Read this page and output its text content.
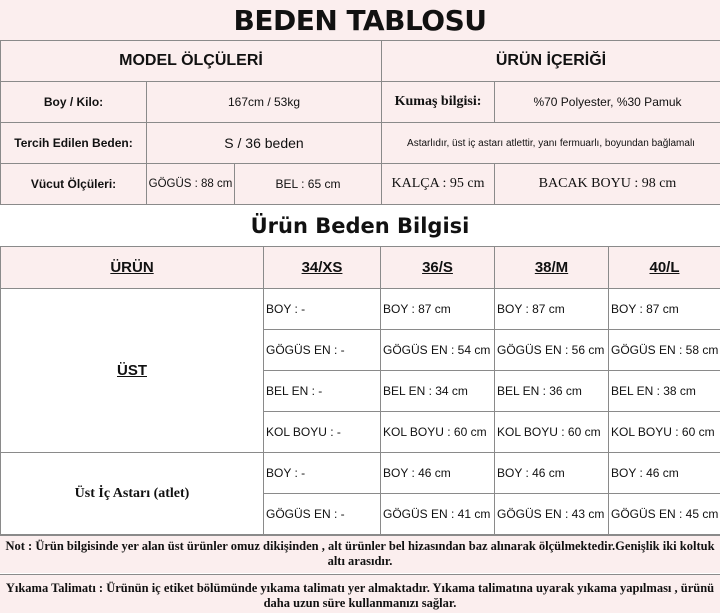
BEDEN TABLOSU
MODEL ÖLÇÜLERİ			ÜRÜN İÇERİĞİ	
Boy / Kilo:	167cm / 53kg		Kumaş bilgisi:	%70 Polyester, %30 Pamuk
Tercih Edilen Beden:	S / 36 beden		Astarlıdır, üst iç astarı atlettir, yanı fermuarlı, boyundan bağlamalı	
Vücut Ölçüleri:	GÖGÜS : 88 cm	BEL : 65 cm	KALÇA : 95 cm	BACAK BOYU : 98 cm
Ürün Beden Bilgisi
ÜRÜN	34/XS	36/S	38/M	40/L
ÜST	BOY : -	BOY : 87 cm	BOY : 87 cm	BOY : 87 cm
	GÖGÜS EN : -	GÖGÜS EN : 54 cm	GÖGÜS EN : 56 cm	GÖGÜS EN : 58 cm
	BEL EN : -	BEL EN : 34 cm	BEL EN : 36 cm	BEL EN : 38 cm
	KOL BOYU : -	KOL BOYU : 60 cm	KOL BOYU : 60 cm	KOL BOYU : 60 cm
Üst İç Astarı (atlet)	BOY : -	BOY : 46 cm	BOY : 46 cm	BOY : 46 cm
	GÖGÜS EN : -	GÖGÜS EN : 41 cm	GÖGÜS EN : 43 cm	GÖGÜS EN : 45 cm
Not : Ürün bilgisinde yer alan üst ürünler omuz dikişinden , alt ürünler bel hizasından baz alınarak ölçülmektedir.Genişlik iki koltuk altı arasıdır.
Yıkama Talimatı : Ürünün iç etiket bölümünde yıkama talimatı yer almaktadır. Yıkama talimatına uyarak yıkama yapılması , ürünü daha uzun süre kullanmanızı sağlar.
